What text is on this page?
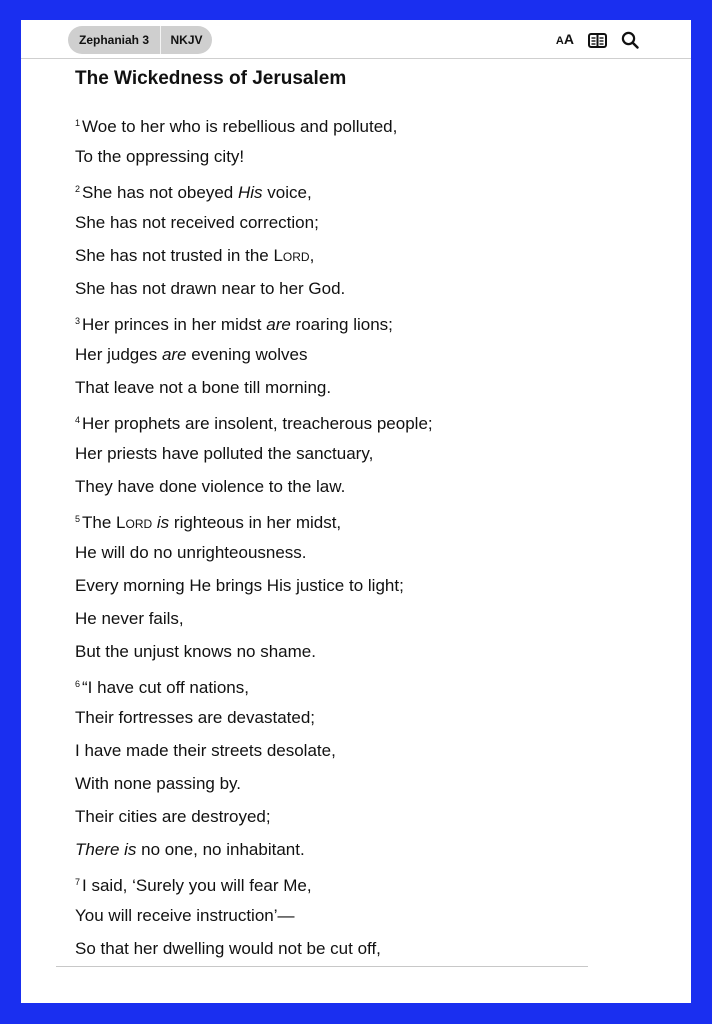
Zephaniah 3	NKJV	AA
The Wickedness of Jerusalem
$^1$ Woe to her who is rebellious and polluted,
To the oppressing city!
$^2$ She has not obeyed His voice,
She has not received correction;
She has not trusted in the Lord,
She has not drawn near to her God.
$^3$ Her princes in her midst are roaring lions;
Her judges are evening wolves
That leave not a bone till morning.
$^4$ Her prophets are insolent, treacherous people;
Her priests have polluted the sanctuary,
They have done violence to the law.
$^5$ The Lord is righteous in her midst,
He will do no unrighteousness.
Every morning He brings His justice to light;
He never fails,
But the unjust knows no shame.
$^6$ “I have cut off nations,
Their fortresses are devastated;
I have made their streets desolate,
With none passing by.
Their cities are destroyed;
There is no one, no inhabitant.
$^7$ I said, ‘Surely you will fear Me,
You will receive instruction’—
So that her dwelling would not be cut off,
